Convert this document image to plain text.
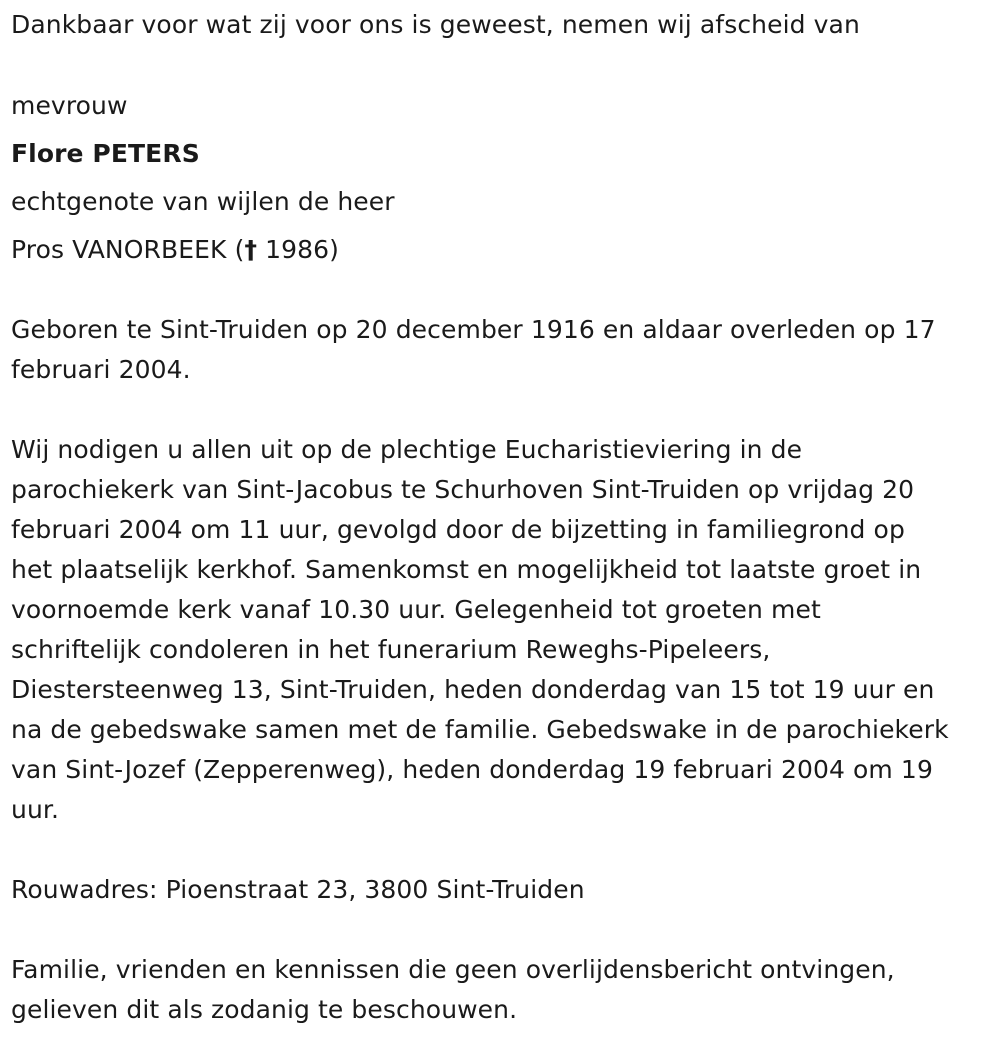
Dankbaar voor wat zij voor ons is geweest, nemen wij afscheid van
mevrouw
Flore PETERS
echtgenote van wijlen de heer
Pros VANORBEEK († 1986)
Geboren te Sint-Truiden op 20 december 1916 en aldaar overleden op 17
februari 2004.
Wij nodigen u allen uit op de plechtige Eucharistieviering in de
parochiekerk van Sint-Jacobus te Schurhoven Sint-Truiden op vrijdag 20
februari 2004 om 11 uur, gevolgd door de bijzetting in familiegrond op
het plaatselijk kerkhof. Samenkomst en mogelijkheid tot laatste groet in
voornoemde kerk vanaf 10.30 uur. Gelegenheid tot groeten met
schriftelijk condoleren in het funerarium Reweghs-Pipeleers,
Diestersteenweg 13, Sint-Truiden, heden donderdag van 15 tot 19 uur en
na de gebedswake samen met de familie. Gebedswake in de parochiekerk
van Sint-Jozef (Zepperenweg), heden donderdag 19 februari 2004 om 19
uur.
Rouwadres: Pioenstraat 23, 3800 Sint-Truiden
Familie, vrienden en kennissen die geen overlijdensbericht ontvingen,
gelieven dit als zodanig te beschouwen.
